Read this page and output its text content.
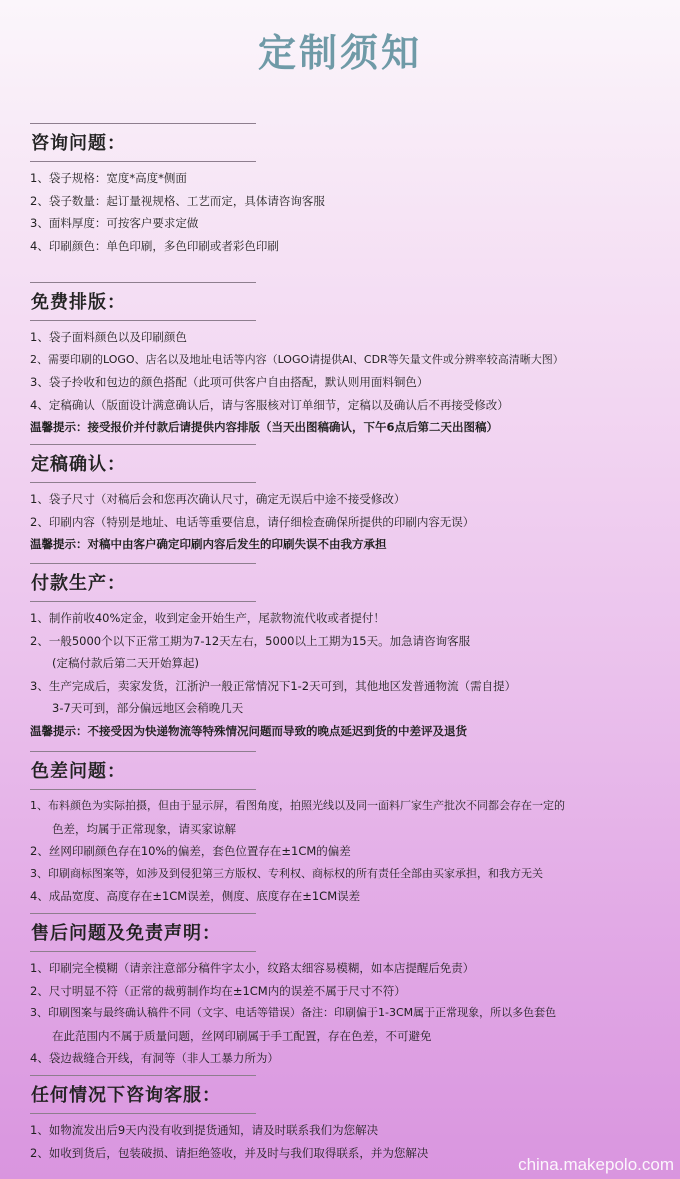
定制须知
咨询问题：
1、袋子规格：宽度*高度*侧面
2、袋子数量：起订量视规格、工艺而定，具体请咨询客服
3、面料厚度：可按客户要求定做
4、印刷颜色：单色印刷，多色印刷或者彩色印刷
免费排版：
1、袋子面料颜色以及印刷颜色
2、需要印刷的LOGO、店名以及地址电话等内容（LOGO请提供AI、CDR等矢量文件或分辨率较高清晰大图）
3、袋子拎收和包边的颜色搭配（此项可供客户自由搭配，默认则用面料铜色）
4、定稿确认（版面设计满意确认后，请与客服核对订单细节，定稿以及确认后不再接受修改）
温馨提示：接受报价并付款后请提供内容排版（当天出图稿确认，下午6点后第二天出图稿）
定稿确认：
1、袋子尺寸（对稿后会和您再次确认尺寸，确定无误后中途不接受修改）
2、印刷内容（特别是地址、电话等重要信息，请仔细检查确保所提供的印刷内容无误）
温馨提示：对稿中由客户确定印刷内容后发生的印刷失误不由我方承担
付款生产：
1、制作前收40%定金，收到定金开始生产，尾款物流代收或者提付！
2、一般5000个以下正常工期为7-12天左右，5000以上工期为15天。加急请咨询客服
(定稿付款后第二天开始算起)
3、生产完成后，卖家发货，江浙沪一般正常情况下1-2天可到，其他地区发普通物流（需自提）
3-7天可到，部分偏远地区会稍晚几天
温馨提示：不接受因为快递物流等特殊情况问题而导致的晚点延迟到货的中差评及退货
色差问题：
1、布料颜色为实际拍摄，但由于显示屏，看图角度，拍照光线以及同一面料厂家生产批次不同都会存在一定的
色差，均属于正常现象，请买家谅解
2、丝网印刷颜色存在10%的偏差，套色位置存在±1CM的偏差
3、印刷商标图案等，如涉及到侵犯第三方版权、专利权、商标权的所有责任全部由买家承担，和我方无关
4、成品宽度、高度存在±1CM误差，侧度、底度存在±1CM误差
售后问题及免责声明：
1、印刷完全模糊（请亲注意部分稿件字太小，纹路太细容易模糊，如本店提醒后免责）
2、尺寸明显不符（正常的裁剪制作均在±1CM内的误差不属于尺寸不符）
3、印刷图案与最终确认稿件不同（文字、电话等错误）备注：印刷偏于1-3CM属于正常现象，所以多色套色
在此范围内不属于质量问题，丝网印刷属于手工配置，存在色差，不可避免
4、袋边裁缝合开线，有洞等（非人工暴力所为）
任何情况下咨询客服：
1、如物流发出后9天内没有收到提货通知，请及时联系我们为您解决
2、如收到货后，包装破损、请拒绝签收，并及时与我们取得联系，并为您解决
china.makepolo.com
